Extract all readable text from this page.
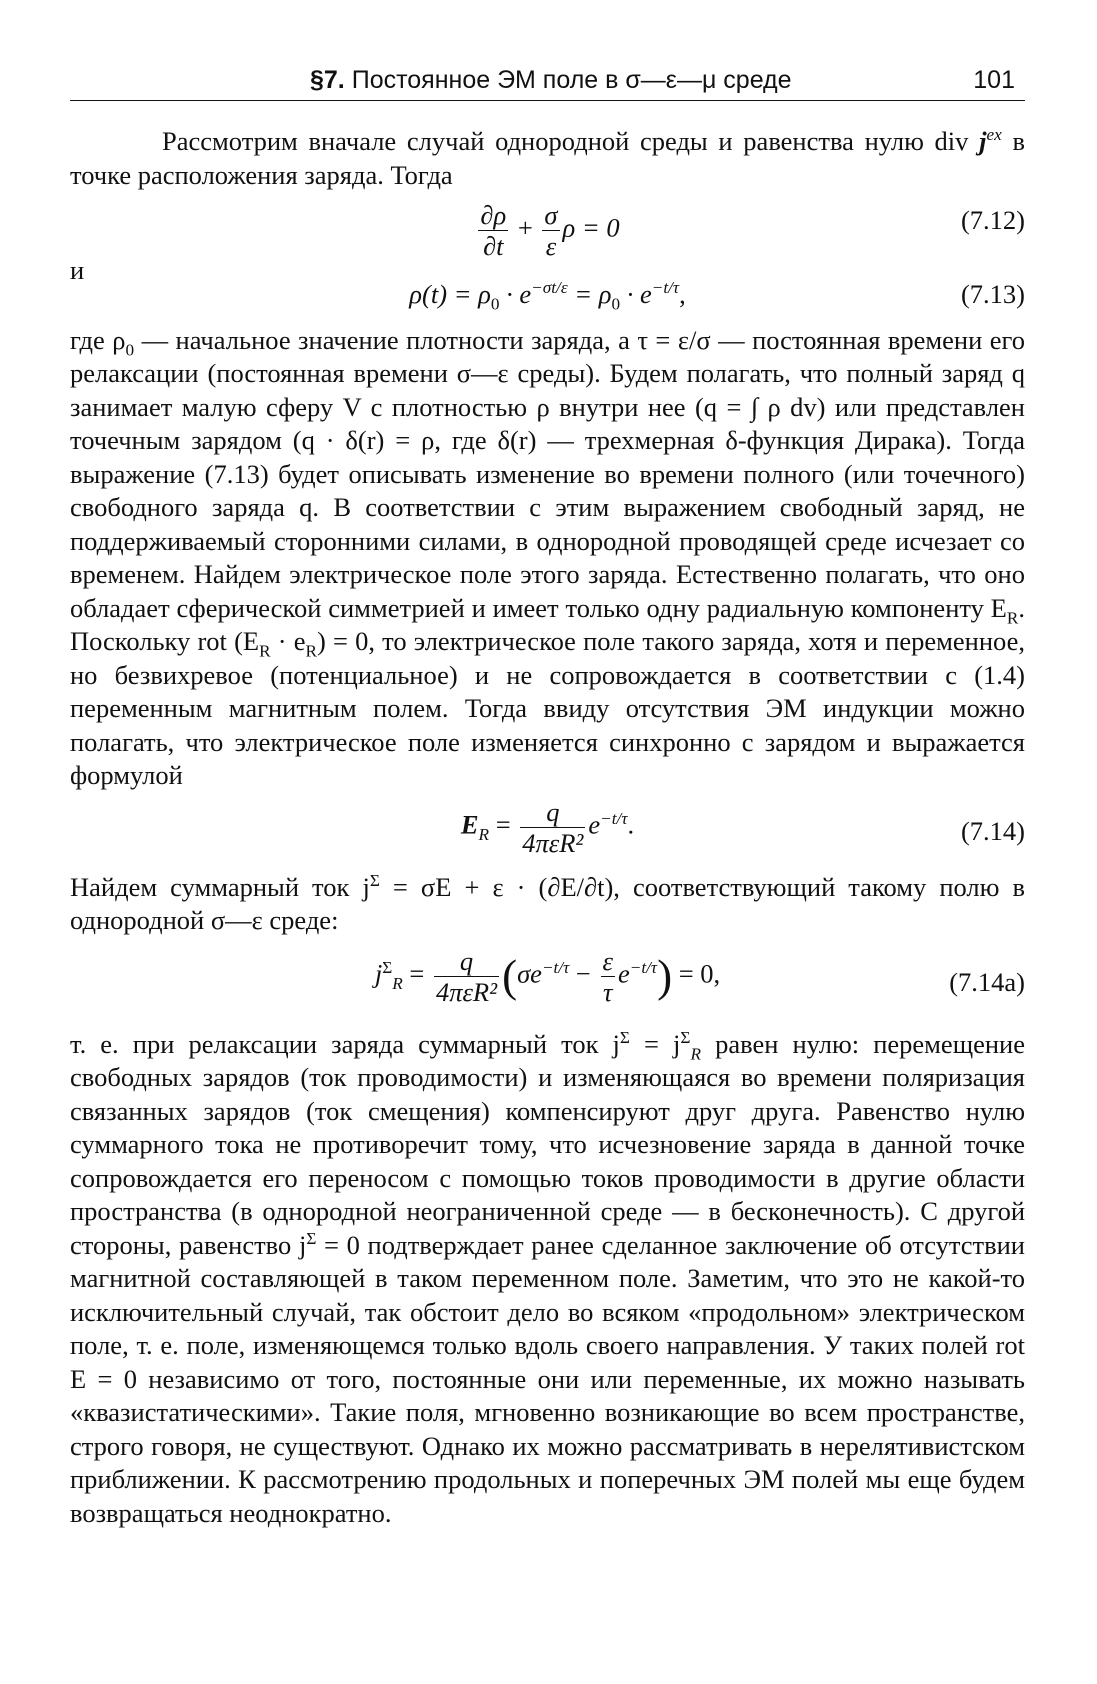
§7. Постоянное ЭМ поле в σ—ε—μ среде	101

Рассмотрим вначале случай однородной среды и равенства нулю div $j^{ex}$ в точке расположения заряда. Тогда

$\frac{\partial\rho}{\partial t} + \frac{\sigma}{\varepsilon}$ ρ = 0	(7.12)

и

$\rho(t) = \rho_0 \cdot e^{-\sigma t/\varepsilon} = \rho_0 \cdot e^{-t/\tau}$,	(7.13)

где $\rho_0$ — начальное значение плотности заряда, а τ = ε/σ — постоянная времени его релаксации (постоянная времени σ—ε среды). Будем полагать, что полный заряд q занимает малую сферу V с плотностью ρ внутри нее (q = ∫ ρ dv) или представлен точечным зарядом (q · δ(r) = ρ, где δ(r) — трехмерная δ-функция Дирака). Тогда выражение (7.13) будет описывать изменение во времени полного (или точечного) свободного заряда q. В соответствии с этим выражением свободный заряд, не поддерживаемый сторонними силами, в однородной проводящей среде исчезает со временем. Найдем электрическое поле этого заряда. Естественно полагать, что оно обладает сферической симметрией и имеет только одну радиальную компоненту $E_R$. Поскольку rot $(E_R \cdot e_R) = 0$, то электрическое поле такого заряда, хотя и переменное, но безвихревое (потенциальное) и не сопровождается в соответствии с (1.4) переменным магнитным полем. Тогда ввиду отсутствия ЭМ индукции можно полагать, что электрическое поле изменяется синхронно с зарядом и выражается формулой

$E_R = \frac{q}{\text{4πεR²}} e^{-t/\tau}$.	(7.14)

Найдем суммарный ток $j^\Sigma = \sigma E + \varepsilon \cdot (\partial E/\partial t)$, соответствующий такому полю в однородной σ—ε среде:

$j^\Sigma_R = \frac{q}{\text{4πεR²}} (\sigma e^{-t/\tau} - \frac{\varepsilon}{\tau} e^{-t/\tau}) = 0$,	(7.14a)

т. е. при релаксации заряда суммарный ток $j^\Sigma = j^\Sigma_R$ равен нулю: перемещение свободных зарядов (ток проводимости) и изменяющаяся во времени поляризация связанных зарядов (ток смещения) компенсируют друг друга. Равенство нулю суммарного тока не противоречит тому, что исчезновение заряда в данной точке сопровождается его переносом с помощью токов проводимости в другие области пространства (в однородной неограниченной среде — в бесконечность). С другой стороны, равенство $j^\Sigma = 0$ подтверждает ранее сделанное заключение об отсутствии магнитной составляющей в таком переменном поле. Заметим, что это не какой-то исключительный случай, так обстоит дело во всяком «продольном» электрическом поле, т. е. поле, изменяющемся только вдоль своего направления. У таких полей rot E = 0 независимо от того, постоянные они или переменные, их можно называть «квазистатическими». Такие поля, мгновенно возникающие во всем пространстве, строго говоря, не существуют. Однако их можно рассматривать в нерелятивистском приближении. К рассмотрению продольных и поперечных ЭМ полей мы еще будем возвращаться неоднократно.
